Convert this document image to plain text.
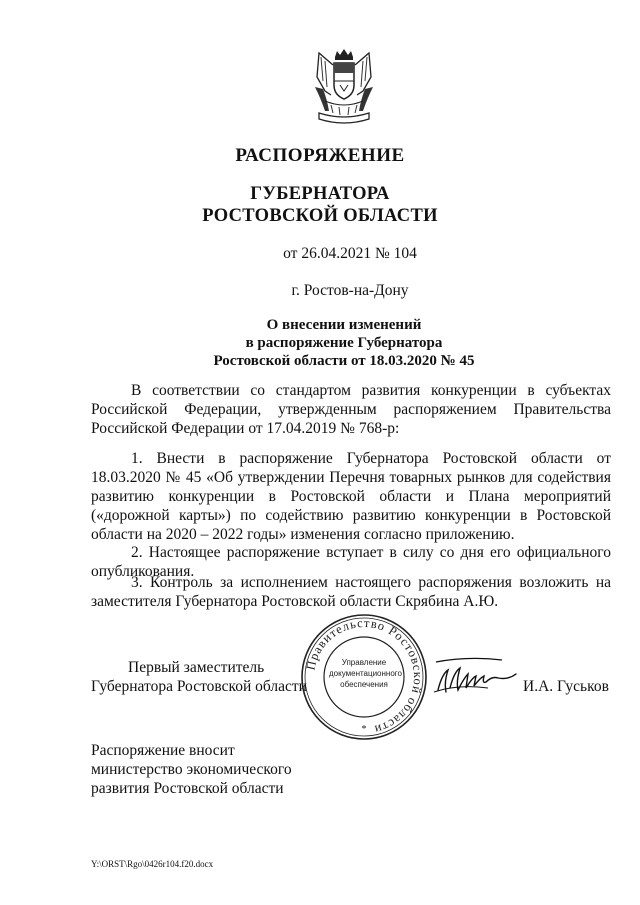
РАСПОРЯЖЕНИЕ
ГУБЕРНАТОРА
РОСТОВСКОЙ ОБЛАСТИ
от 26.04.2021 № 104
г. Ростов-на-Дону
О внесении изменений
в распоряжение Губернатора
Ростовской области от 18.03.2020 № 45
В соответствии со стандартом развития конкуренции в субъектах Российской Федерации, утвержденным распоряжением Правительства Российской Федерации от 17.04.2019 № 768-р:
1. Внести в распоряжение Губернатора Ростовской области от 18.03.2020 № 45 «Об утверждении Перечня товарных рынков для содействия развитию конкуренции в Ростовской области и Плана мероприятий («дорожной карты») по содействию развитию конкуренции в Ростовской области на 2020 – 2022 годы» изменения согласно приложению.
2. Настоящее распоряжение вступает в силу со дня его официального опубликования.
3. Контроль за исполнением настоящего распоряжения возложить на заместителя Губернатора Ростовской области Скрябина А.Ю.
Первый заместитель
Губернатора Ростовской области	И.А. Гуськов
Правительство Ростовской области
*
Управление
документационного
обеспечения
Распоряжение вносит
министерство экономического
развития Ростовской области
Y:\ORST\Rgo\0426r104.f20.docx
